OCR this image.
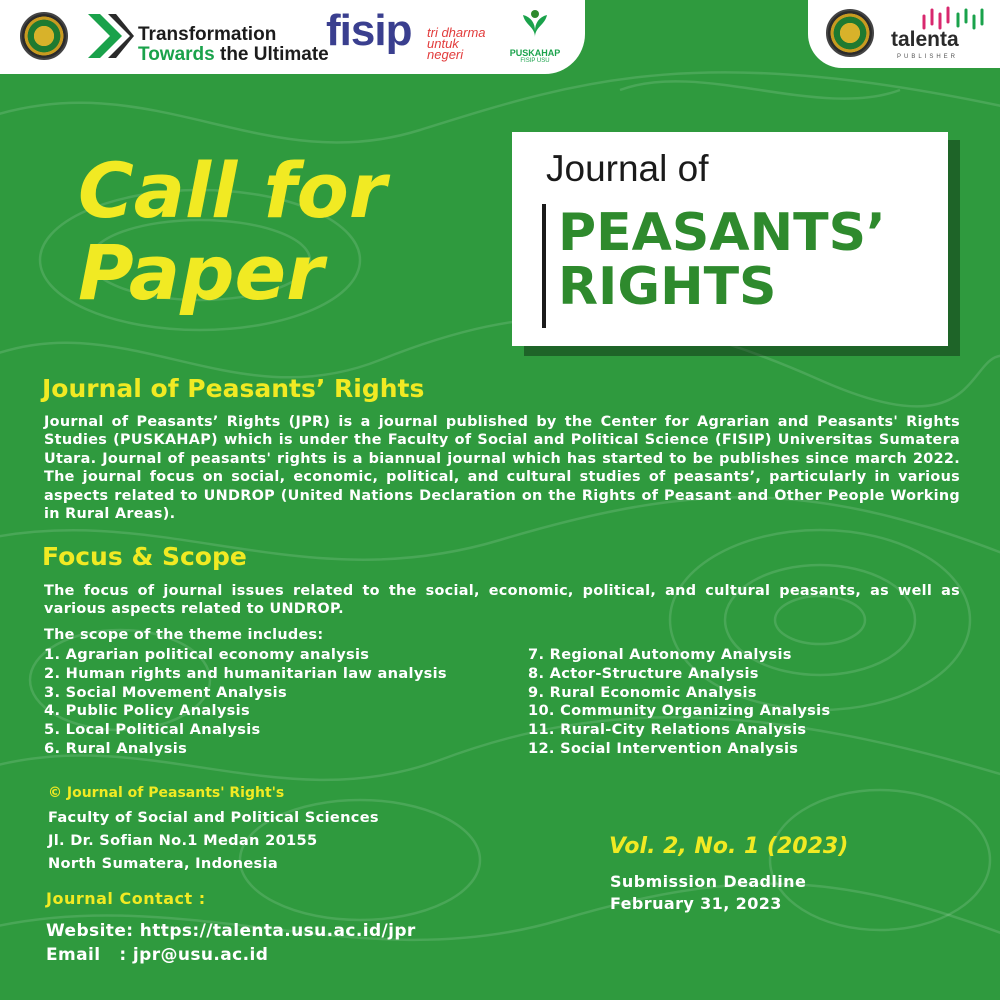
Transformation
Towards the Ultimate
fisip tri dharma
untuk
negeri	PUSKAHAP
FISIP USU
talenta
PUBLISHER
Call for
Paper
Journal of
PEASANTS’
RIGHTS
Journal of Peasants’ Rights
Journal of Peasants’ Rights (JPR) is a journal published by the Center for Agrarian and Peasants' Rights Studies (PUSKAHAP) which is under the Faculty of Social and Political Science (FISIP) Universitas Sumatera Utara. Journal of peasants' rights is a biannual journal which has started to be publishes since march 2022. The journal focus on social, economic, political, and cultural studies of peasants’, particularly in various aspects related to UNDROP (United Nations Declaration on the Rights of Peasant and Other People Working in Rural Areas).
Focus & Scope
The focus of journal issues related to the social, economic, political, and cultural peasants, as well as various aspects related to UNDROP.
The scope of the theme includes:
1. Agrarian political economy analysis
2. Human rights and humanitarian law analysis
3. Social Movement Analysis
4. Public Policy Analysis
5. Local Political Analysis
6. Rural Analysis
7. Regional Autonomy Analysis
8. Actor-Structure Analysis
9. Rural Economic Analysis
10. Community Organizing Analysis
11. Rural-City Relations Analysis
12. Social Intervention Analysis
© Journal of Peasants' Right's
Faculty of Social and Political Sciences
Jl. Dr. Sofian No.1 Medan 20155
North Sumatera, Indonesia
Journal Contact :
Website: https://talenta.usu.ac.id/jpr
Email   : jpr@usu.ac.id
Vol. 2, No. 1 (2023)
Submission Deadline
February 31, 2023
